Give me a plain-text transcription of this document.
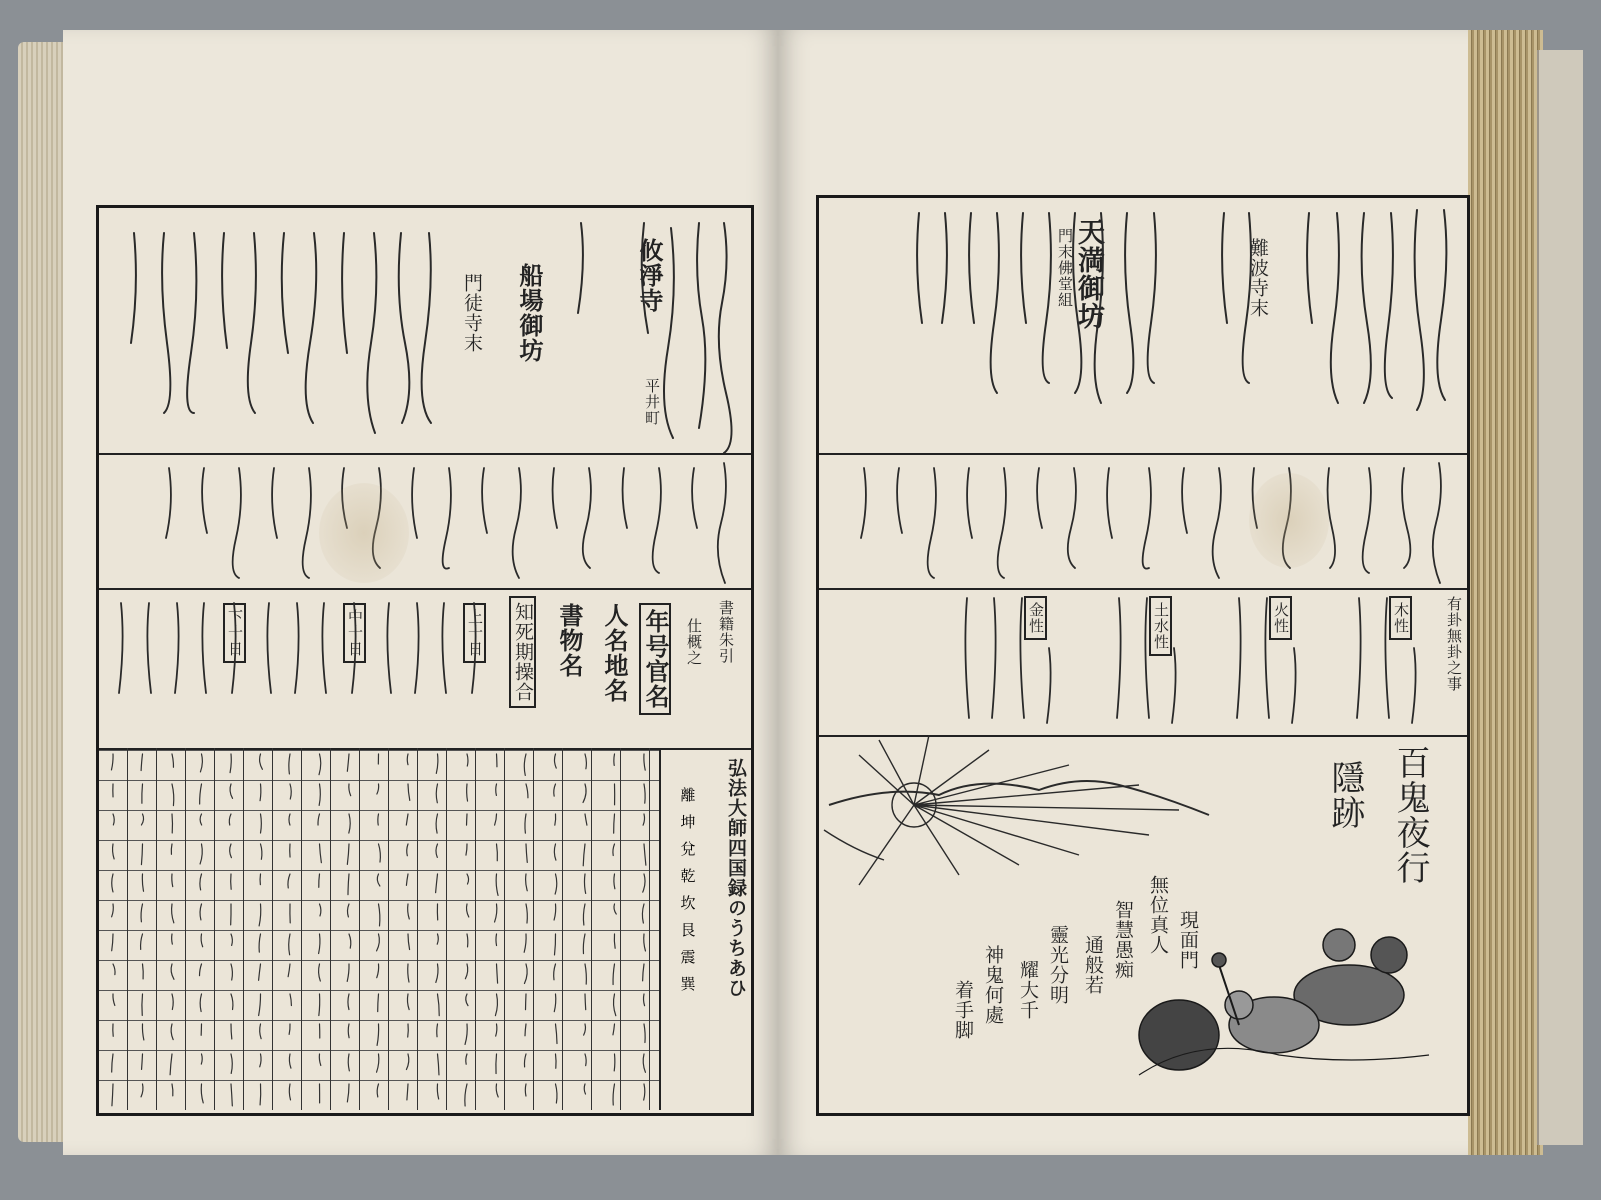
攸淨寺
平井町
船場御坊
門徒寺末
書籍朱引
仕概之
年号官名
人名地名
書物名
知死期操合
上十日
中十日
下十日
弘法大師四国録のうちあひ
離
坤
兌
乾
坎
艮
震
巽
天満御坊
門末佛堂組	難波寺末
有卦無卦之事
木性
火性
土水性
金性
百鬼夜行
隱跡
無位真人 現面門
智慧愚痴
通般若
靈光分明
耀大千
神鬼何處
着手脚
